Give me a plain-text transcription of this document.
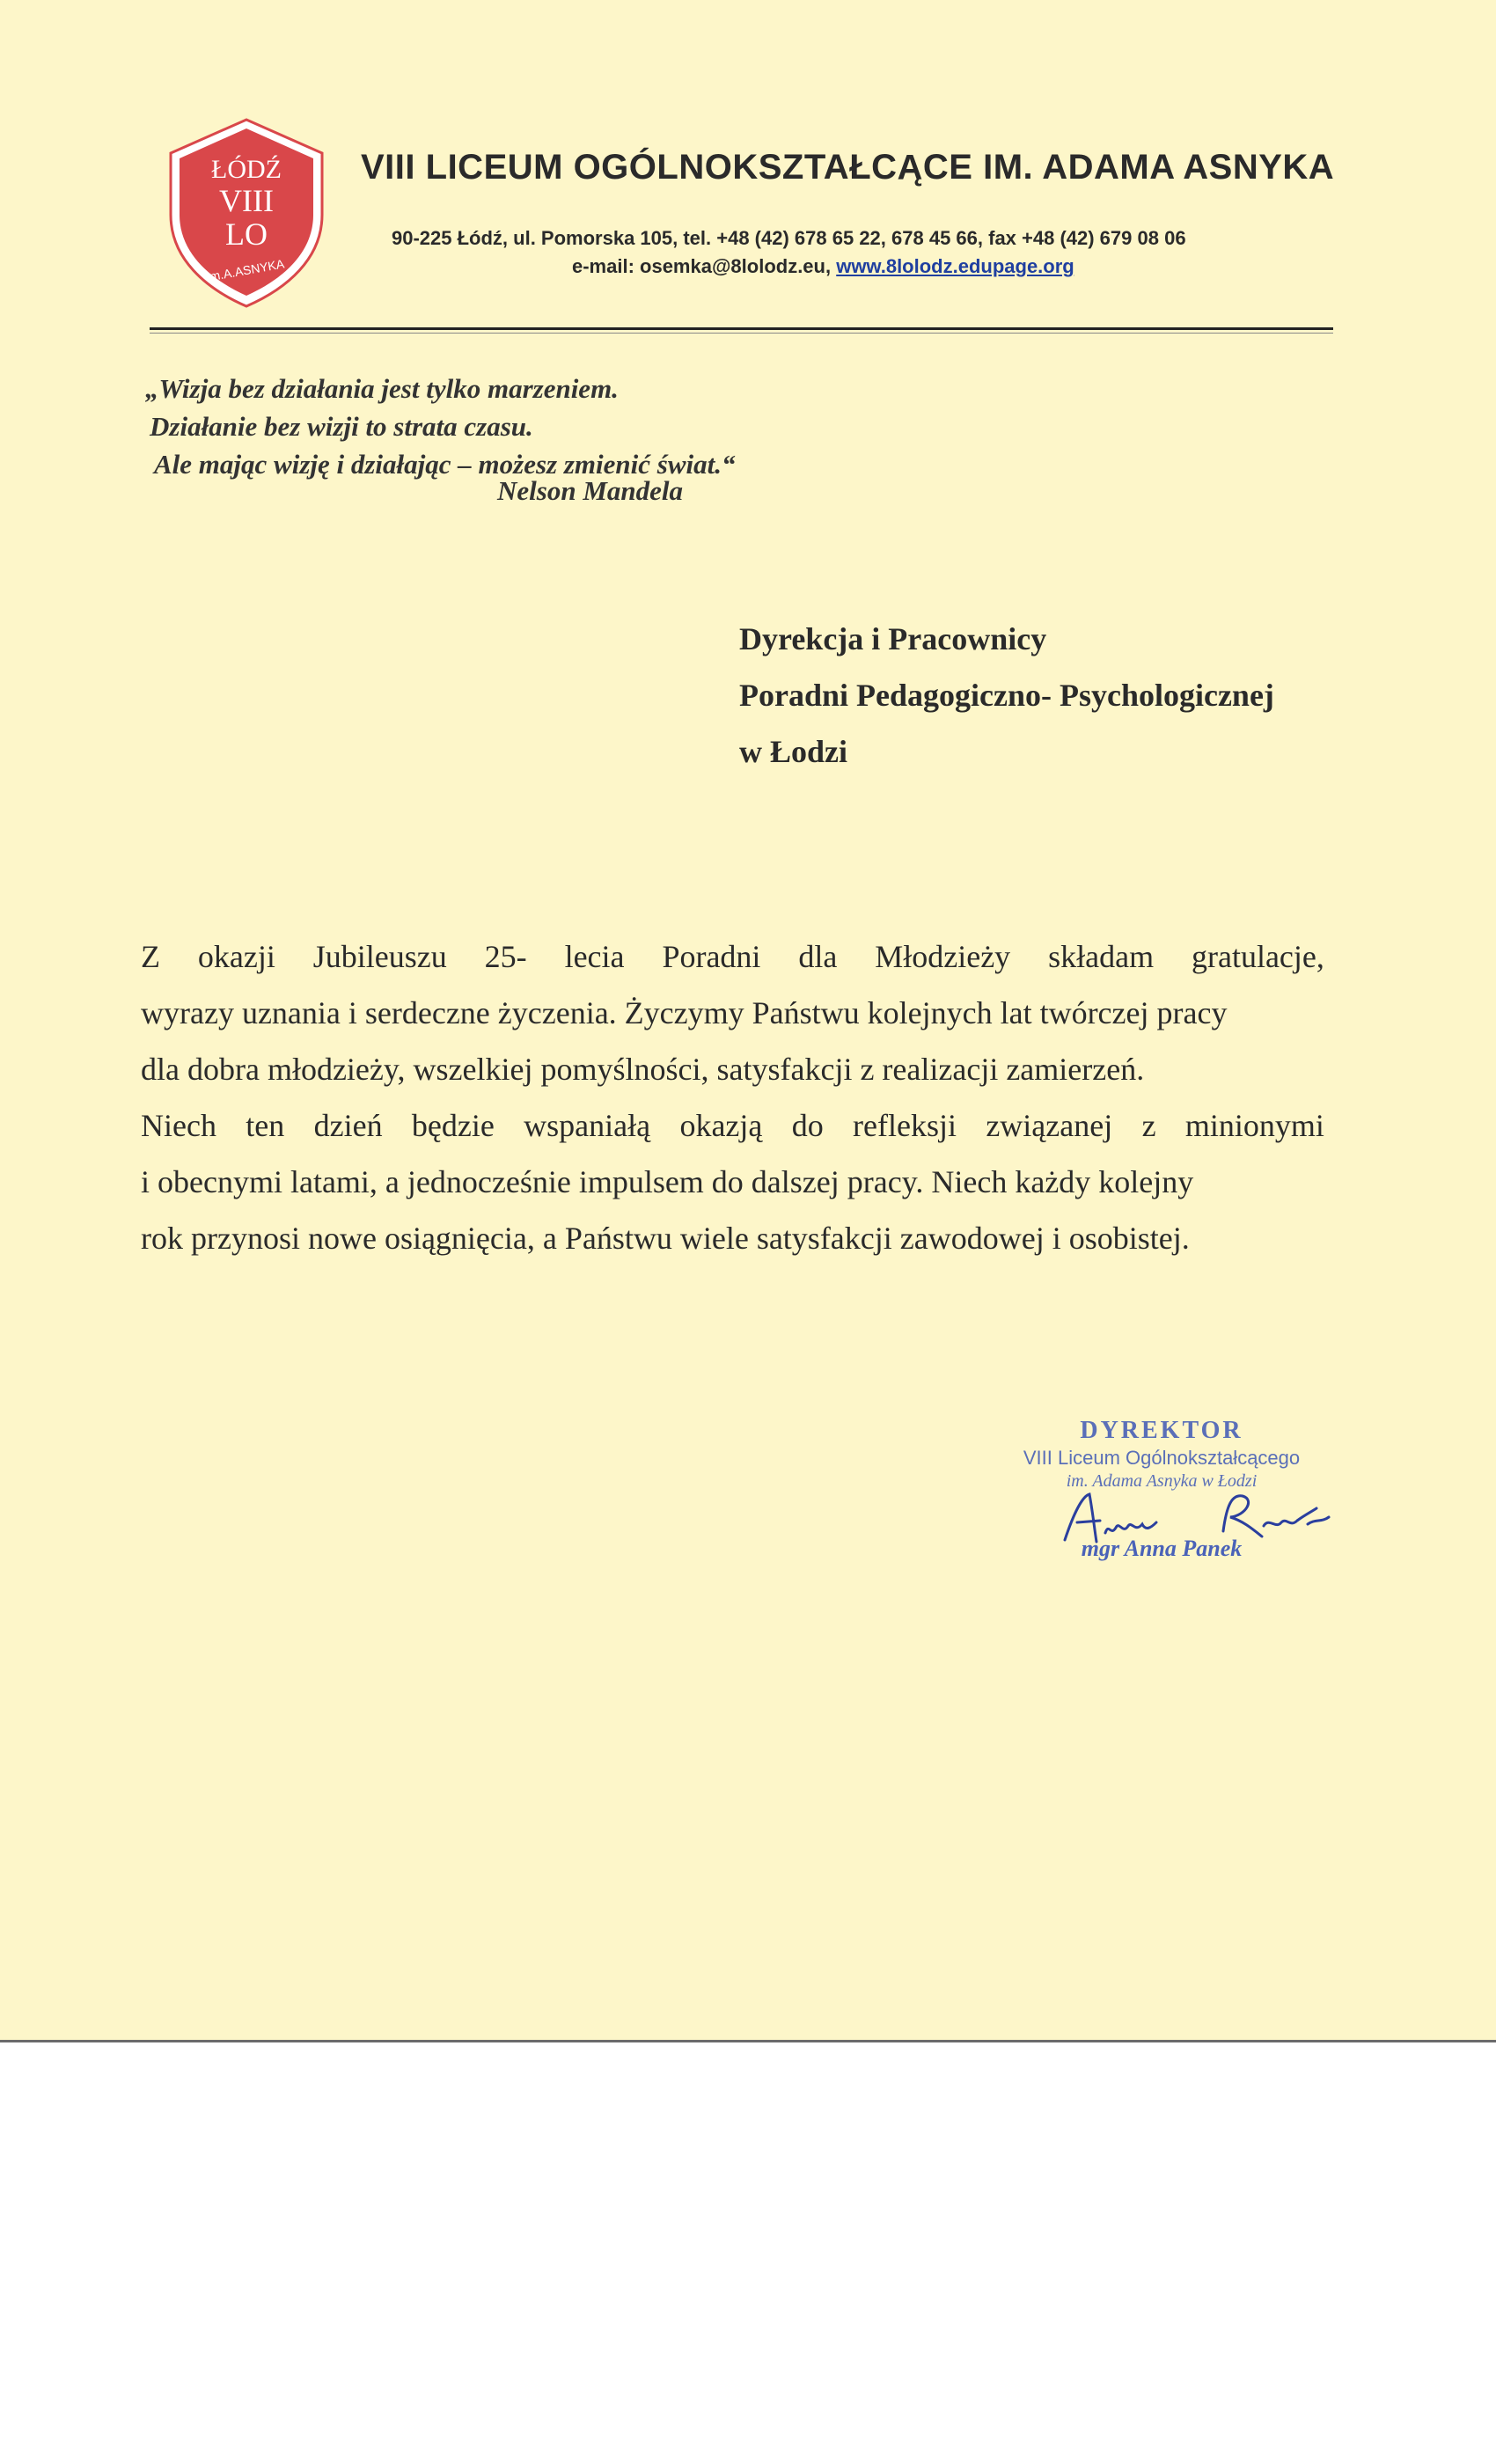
ŁÓDŹ
VIII
LO
im.A.ASNYKA
VIII LICEUM OGÓLNOKSZTAŁCĄCE IM. ADAMA ASNYKA
90-225 Łódź, ul. Pomorska 105, tel. +48 (42) 678 65 22, 678 45 66, fax +48 (42) 679 08 06
e-mail: osemka@8lolodz.eu, www.8lolodz.edupage.org
„Wizja bez działania jest tylko marzeniem.
Działanie bez wizji to strata czasu.
Ale mając wizję i działając – możesz zmienić świat.“
Nelson Mandela
Dyrekcja i Pracownicy
Poradni Pedagogiczno- Psychologicznej
w Łodzi
Z okazji Jubileuszu 25- lecia Poradni dla Młodzieży składam gratulacje,
wyrazy uznania i serdeczne życzenia. Życzymy Państwu kolejnych lat twórczej pracy
dla dobra młodzieży, wszelkiej pomyślności, satysfakcji z realizacji zamierzeń.
Niech ten dzień będzie wspaniałą okazją do refleksji związanej z minionymi
i obecnymi latami, a jednocześnie impulsem do dalszej pracy. Niech każdy kolejny
rok przynosi nowe osiągnięcia, a Państwu wiele satysfakcji zawodowej i osobistej.
DYREKTOR
VIII Liceum Ogólnokształcącego
im. Adama Asnyka w Łodzi
mgr Anna Panek
